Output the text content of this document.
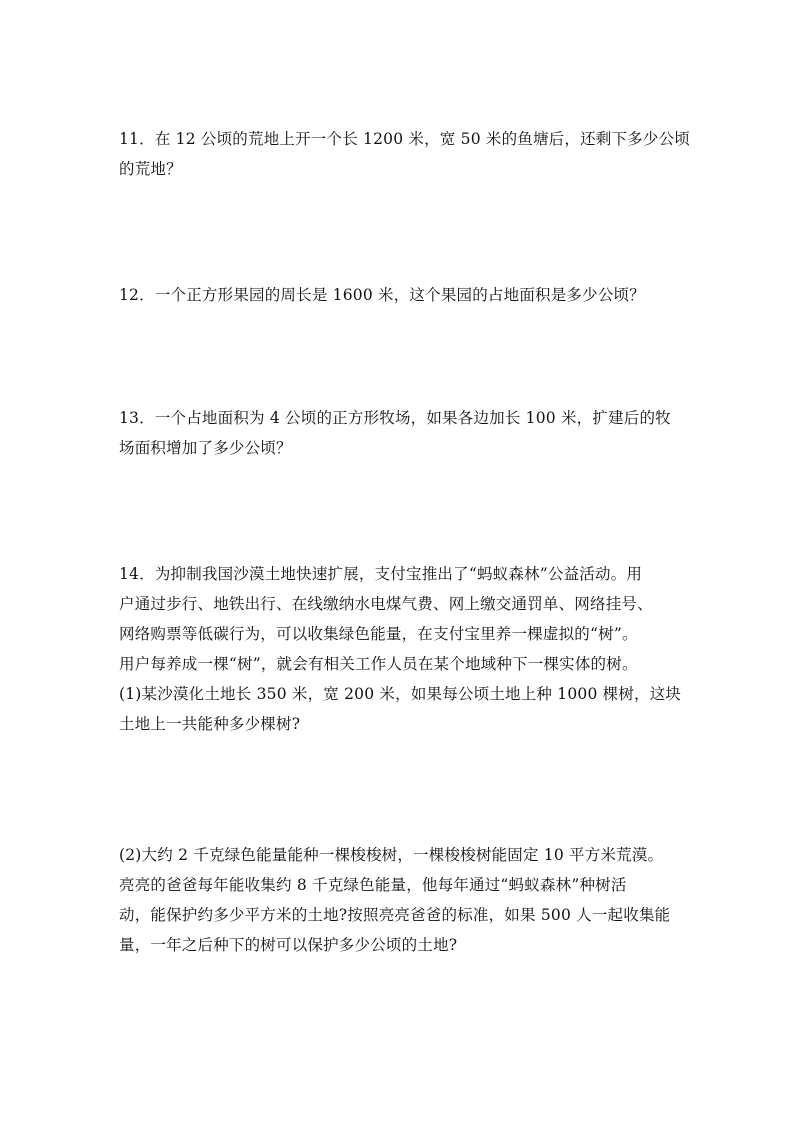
11．在 12 公顷的荒地上开一个长 1200 米，宽 50 米的鱼塘后，还剩下多少公顷
的荒地？
12．一个正方形果园的周长是 1600 米，这个果园的占地面积是多少公顷？
13．一个占地面积为 4 公顷的正方形牧场，如果各边加长 100 米，扩建后的牧
场面积增加了多少公顷？
14．为抑制我国沙漠土地快速扩展，支付宝推出了“蚂蚁森林”公益活动。用
户通过步行、地铁出行、在线缴纳水电煤气费、网上缴交通罚单、网络挂号、
网络购票等低碳行为，可以收集绿色能量，在支付宝里养一棵虚拟的“树”。
用户每养成一棵“树”，就会有相关工作人员在某个地域种下一棵实体的树。
(1)某沙漠化土地长 350 米，宽 200 米，如果每公顷土地上种 1000 棵树，这块
土地上一共能种多少棵树?
(2)大约 2 千克绿色能量能种一棵梭梭树，一棵梭梭树能固定 10 平方米荒漠。
亮亮的爸爸每年能收集约 8 千克绿色能量，他每年通过“蚂蚁森林”种树活
动，能保护约多少平方米的土地?按照亮亮爸爸的标准，如果 500 人一起收集能
量，一年之后种下的树可以保护多少公顷的土地?
